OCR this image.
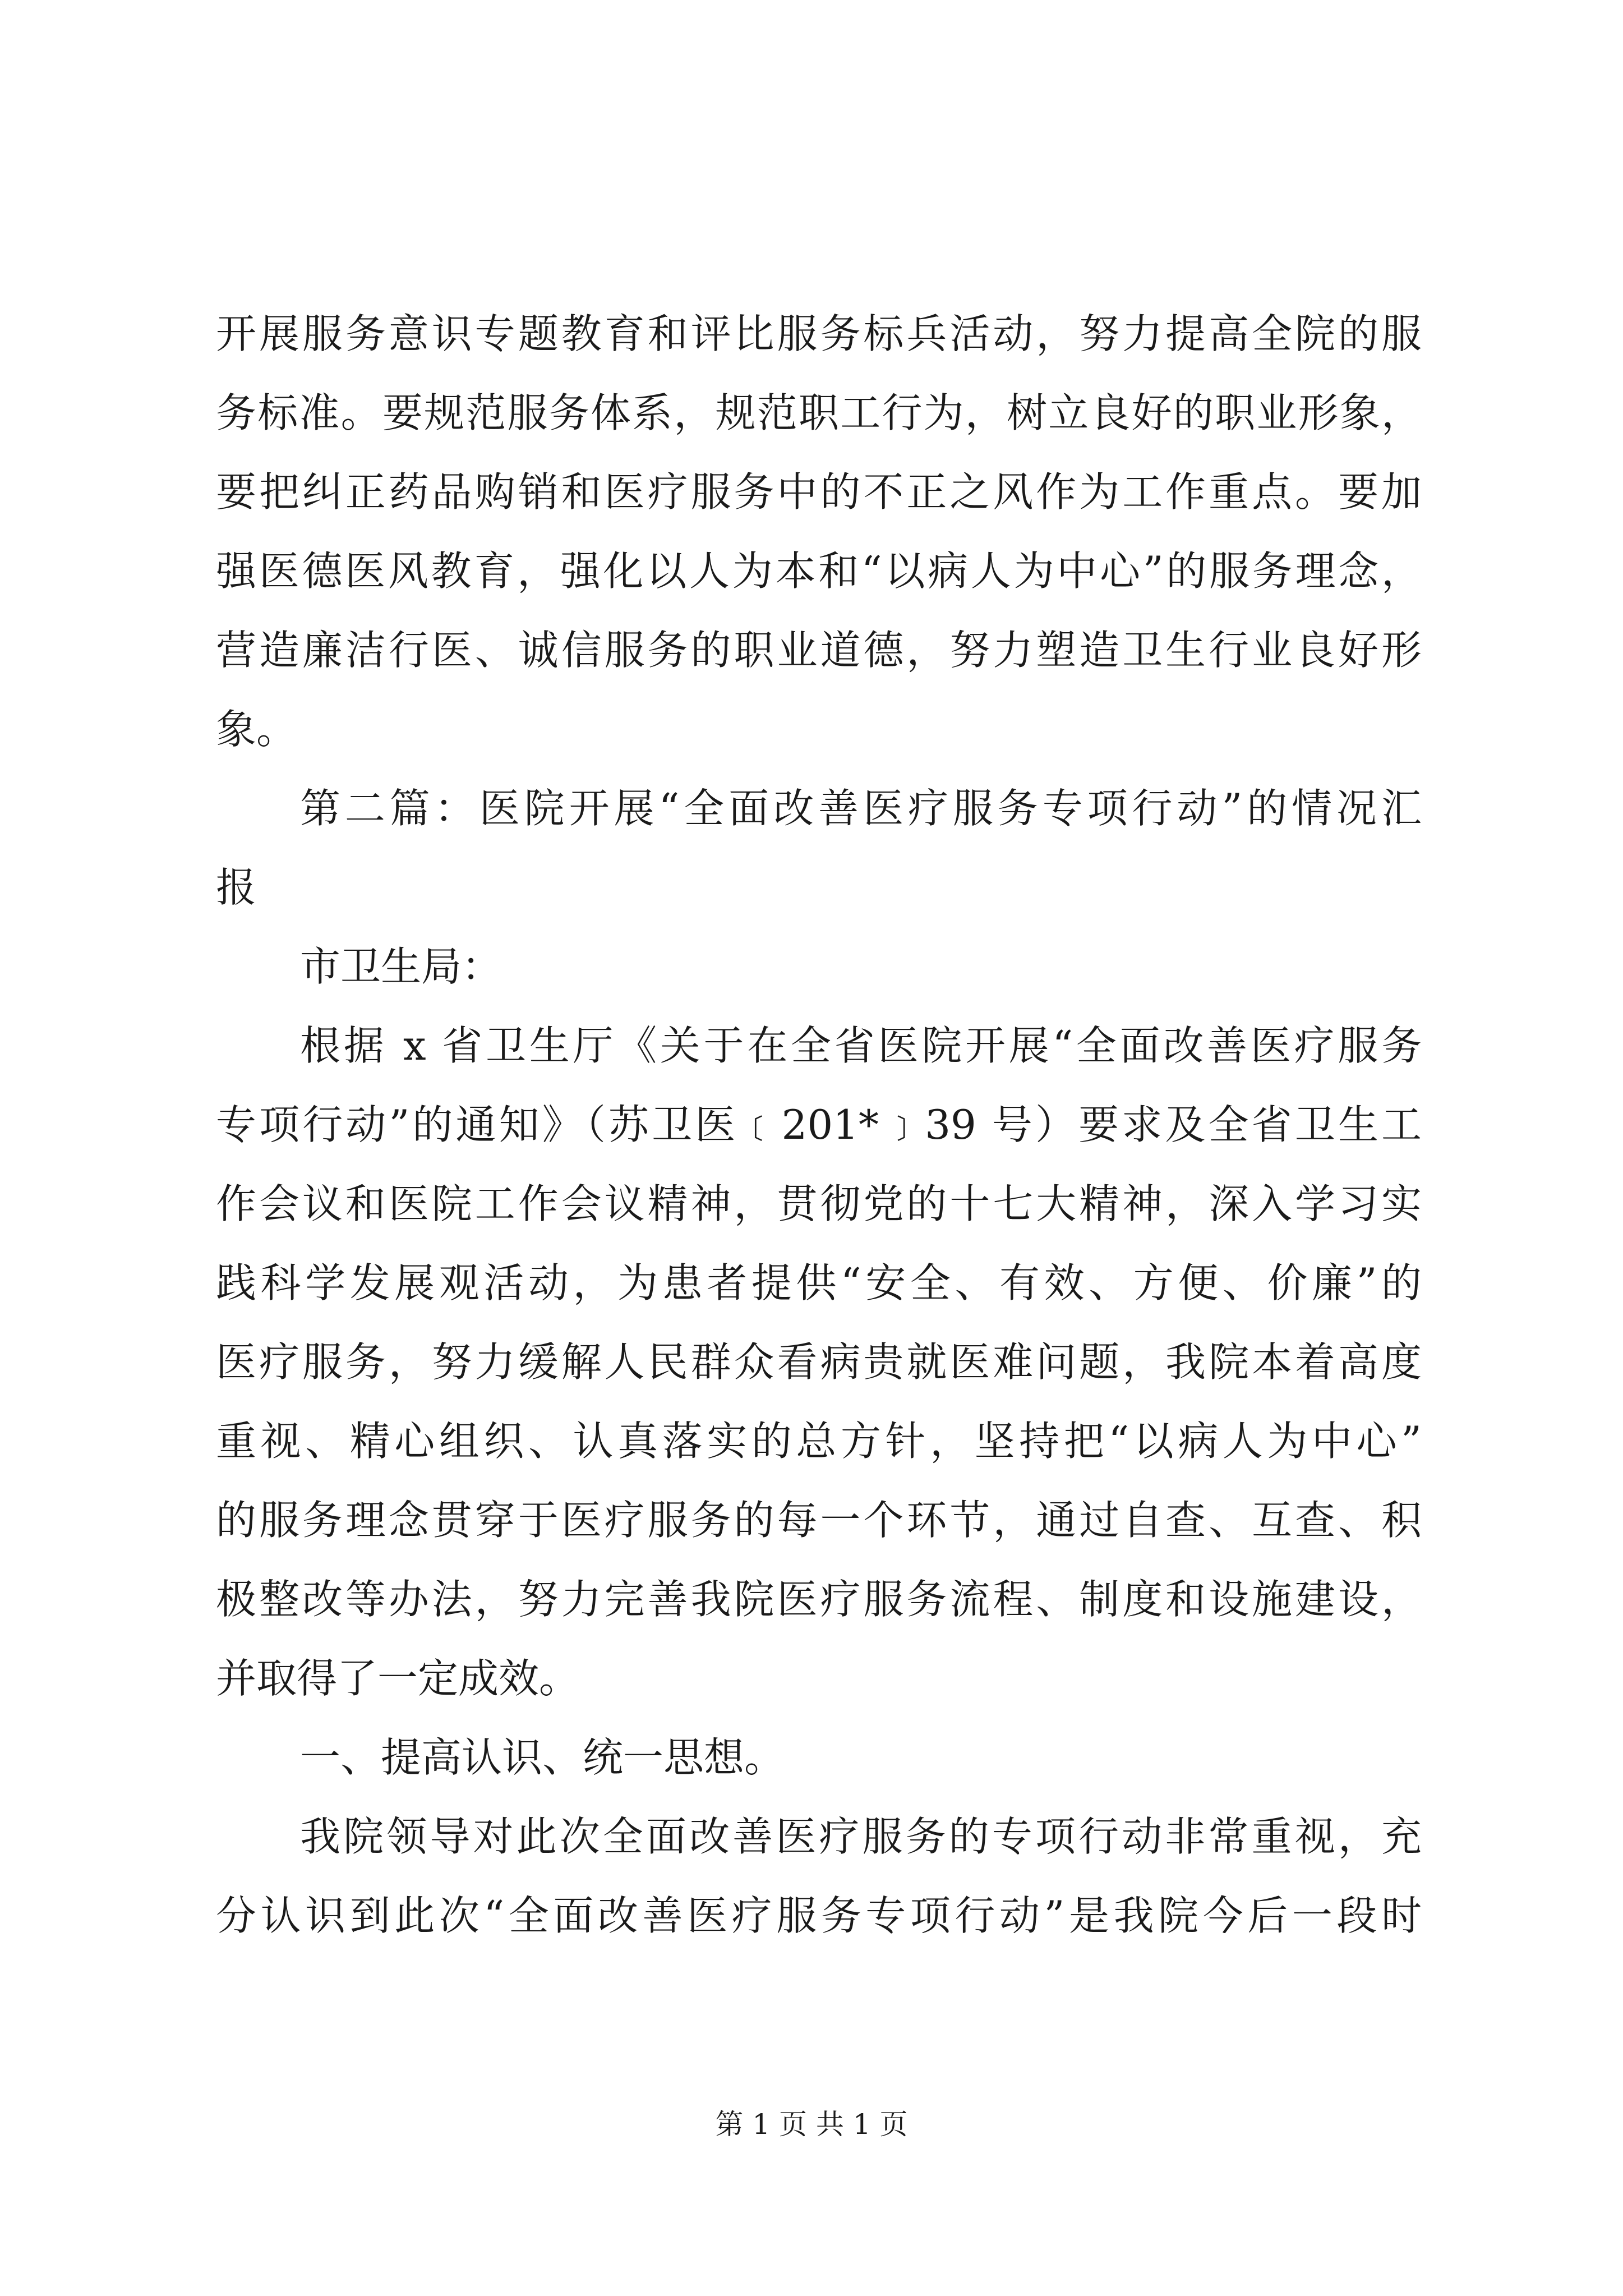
开展服务意识专题教育和评比服务标兵活动，努力提高全院的服
务标准。要规范服务体系，规范职工行为，树立良好的职业形象，
要把纠正药品购销和医疗服务中的不正之风作为工作重点。要加
强医德医风教育，强化以人为本和“以病人为中心”的服务理念，
营造廉洁行医、诚信服务的职业道德，努力塑造卫生行业良好形
象。
第二篇：医院开展“全面改善医疗服务专项行动”的情况汇
报
市卫生局：
根据 x 省卫生厅《关于在全省医院开展“全面改善医疗服务
专项行动”的通知》（苏卫医﹝201*﹞39 号）要求及全省卫生工
作会议和医院工作会议精神，贯彻党的十七大精神，深入学习实
践科学发展观活动，为患者提供“安全、有效、方便、价廉”的
医疗服务，努力缓解人民群众看病贵就医难问题，我院本着高度
重视、精心组织、认真落实的总方针，坚持把“以病人为中心”
的服务理念贯穿于医疗服务的每一个环节，通过自查、互查、积
极整改等办法，努力完善我院医疗服务流程、制度和设施建设，
并取得了一定成效。
一、提高认识、统一思想。
我院领导对此次全面改善医疗服务的专项行动非常重视，充
分认识到此次“全面改善医疗服务专项行动”是我院今后一段时
第 1 页 共 1 页
